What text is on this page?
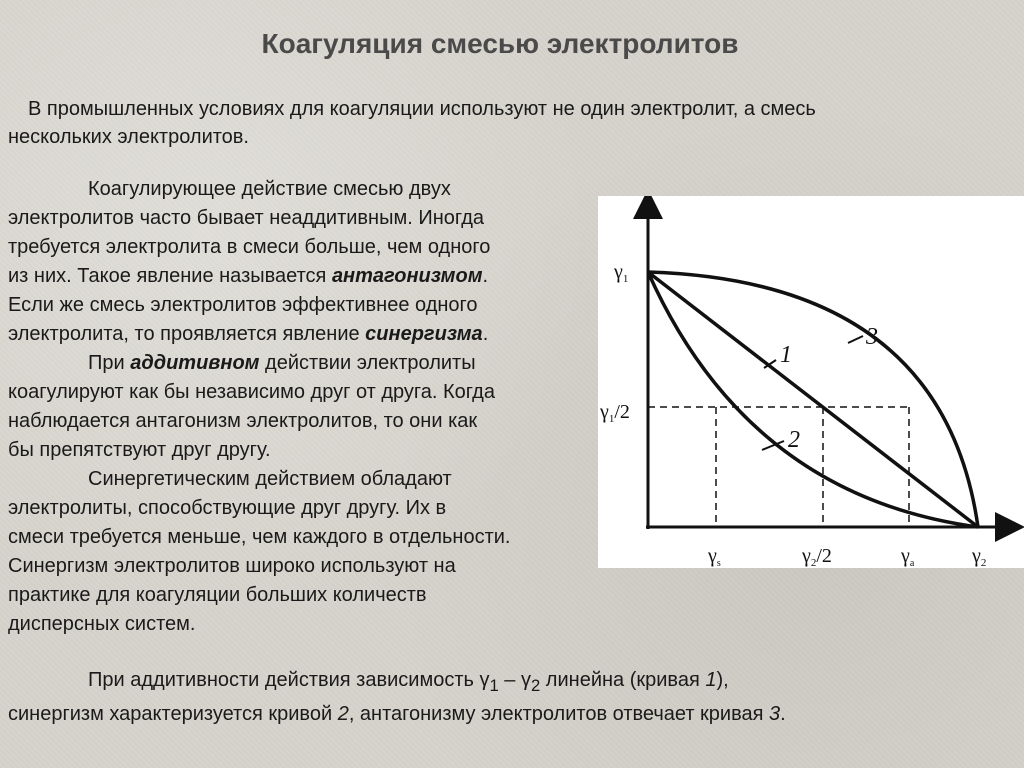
Коагуляция смесью электролитов
В промышленных условиях для коагуляции используют не один электролит, а смесь
нескольких электролитов.
Коагулирующее действие смесью двух
электролитов часто бывает неаддитивным. Иногда
требуется электролита в смеси больше, чем одного
из них. Такое явление называется антагонизмом.
Если же смесь электролитов эффективнее одного
электролита, то проявляется явление синергизма.
При аддитивном действии электролиты
коагулируют как бы независимо друг от друга. Когда
наблюдается антагонизм электролитов, то они как
бы препятствуют друг другу.
Синергетическим действием обладают
электролиты, способствующие друг другу. Их в
смеси требуется меньше, чем каждого в отдельности.
Синергизм электролитов широко используют на
практике для коагуляции больших количеств
дисперсных систем.
1
2
3
$\gamma_1$
$\gamma_1/2$
$\gamma_s$	$\gamma_2/2$	$\gamma_a$	$\gamma_2$
При аддитивности действия зависимость $\gamma_1 - \gamma_2$ линейна (кривая 1),
синергизм характеризуется кривой 2, антагонизму электролитов отвечает кривая 3.
